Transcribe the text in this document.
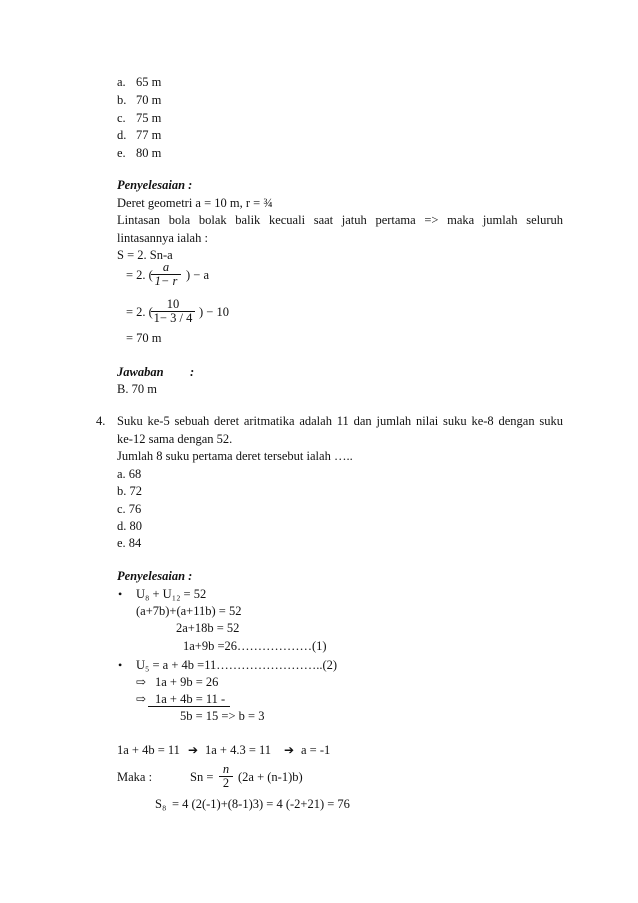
a. 65 m
b. 70 m
c. 75 m
d. 77 m
e. 80 m
Penyelesaian :
Deret geometri a = 10 m, r = ¾
Lintasan bola bolak balik kecuali saat jatuh pertama => maka jumlah seluruh
lintasannya ialah :
S = 2. Sn-a
= 2. (
$\frac{a}{1- r}$ ) − a
= 2. (
$\frac{10}{1- 3 / 4}$ ) − 10
= 70 m
Jawaban :
B. 70 m
4. Suku ke-5 sebuah deret aritmatika adalah 11 dan jumlah nilai suku ke-8 dengan suku
ke-12 sama dengan 52.
Jumlah 8 suku pertama deret tersebut ialah …..
a. 68
b. 72
c. 76
d. 80
e. 84
Penyelesaian :
• U₈ + U₁₂ = 52
(a+7b)+(a+11b) = 52
2a+18b = 52
1a+9b =26………………(1)
• U₅ = a + 4b =11……………………..(2)
⇨ 1a + 9b = 26
⇨ 1a + 4b = 11 -
5b = 15 => b = 3
1a + 4b = 11 ➔ 1a + 4.3 = 11 ➔ a = -1
Maka :	$Sn = \frac{n}{2} (2a + (n-1)b)$
S₈ = 4 (2(-1)+(8-1)3) = 4 (-2+21) = 76
